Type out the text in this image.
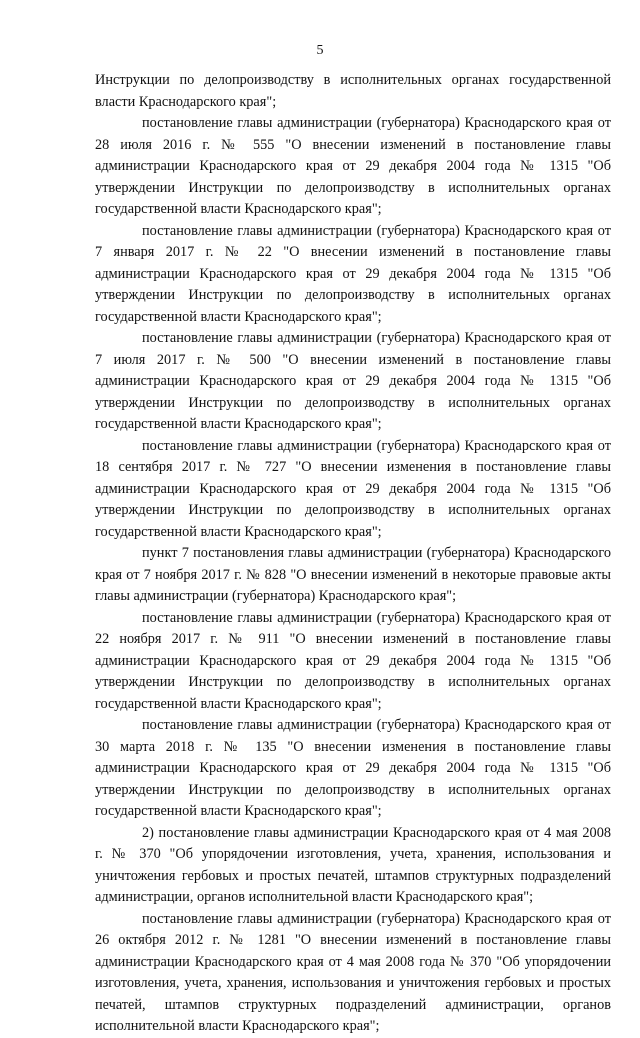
5

Инструкции по делопроизводству в исполнительных органах государственной власти Краснодарского края";

постановление главы администрации (губернатора) Краснодарского края от 28 июля 2016 г. № 555 "О внесении изменений в постановление главы администрации Краснодарского края от 29 декабря 2004 года № 1315 "Об утверждении Инструкции по делопроизводству в исполнительных органах государственной власти Краснодарского края";

постановление главы администрации (губернатора) Краснодарского края от 7 января 2017 г. № 22 "О внесении изменений в постановление главы администрации Краснодарского края от 29 декабря 2004 года № 1315 "Об утверждении Инструкции по делопроизводству в исполнительных органах государственной власти Краснодарского края";

постановление главы администрации (губернатора) Краснодарского края от 7 июля 2017 г. № 500 "О внесении изменений в постановление главы администрации Краснодарского края от 29 декабря 2004 года № 1315 "Об утверждении Инструкции по делопроизводству в исполнительных органах государственной власти Краснодарского края";

постановление главы администрации (губернатора) Краснодарского края от 18 сентября 2017 г. № 727 "О внесении изменения в постановление главы администрации Краснодарского края от 29 декабря 2004 года № 1315 "Об утверждении Инструкции по делопроизводству в исполнительных органах государственной власти Краснодарского края";

пункт 7 постановления главы администрации (губернатора) Краснодарского края от 7 ноября 2017 г. № 828 "О внесении изменений в некоторые правовые акты главы администрации (губернатора) Краснодарского края";

постановление главы администрации (губернатора) Краснодарского края от 22 ноября 2017 г. № 911 "О внесении изменений в постановление главы администрации Краснодарского края от 29 декабря 2004 года № 1315 "Об утверждении Инструкции по делопроизводству в исполнительных органах государственной власти Краснодарского края";

постановление главы администрации (губернатора) Краснодарского края от 30 марта 2018 г. № 135 "О внесении изменения в постановление главы администрации Краснодарского края от 29 декабря 2004 года № 1315 "Об утверждении Инструкции по делопроизводству в исполнительных органах государственной власти Краснодарского края";

2) постановление главы администрации Краснодарского края от 4 мая 2008 г. № 370 "Об упорядочении изготовления, учета, хранения, использования и уничтожения гербовых и простых печатей, штампов структурных подразделений администрации, органов исполнительной власти Краснодарского края";

постановление главы администрации (губернатора) Краснодарского края от 26 октября 2012 г. № 1281 "О внесении изменений в постановление главы администрации Краснодарского края от 4 мая 2008 года № 370 "Об упорядочении изготовления, учета, хранения, использования и уничтожения гербовых и простых печатей, штампов структурных подразделений администрации, органов исполнительной власти Краснодарского края";
